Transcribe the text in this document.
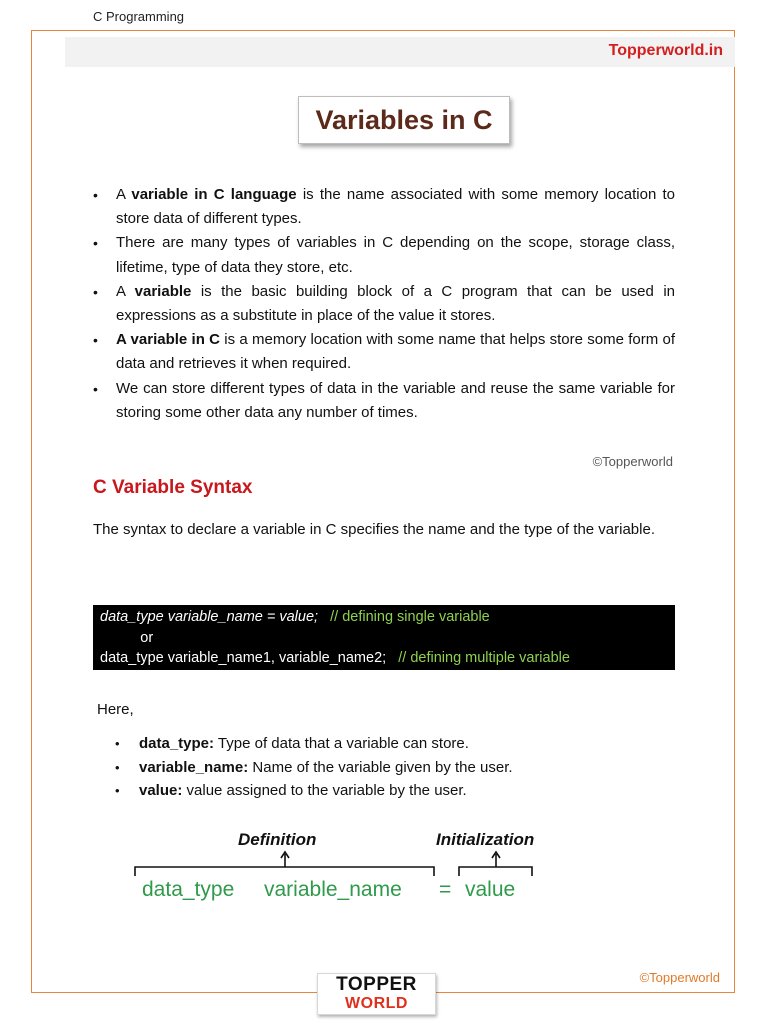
C Programming
Topperworld.in
Variables in C
• A variable in C language is the name associated with some memory location to store data of different types.
• There are many types of variables in C depending on the scope, storage class, lifetime, type of data they store, etc.
• A variable is the basic building block of a C program that can be used in expressions as a substitute in place of the value it stores.
• A variable in C is a memory location with some name that helps store some form of data and retrieves it when required.
• We can store different types of data in the variable and reuse the same variable for storing some other data any number of times.
©Topperworld
C Variable Syntax
The syntax to declare a variable in C specifies the name and the type of the variable.
data_type variable_name = value;   // defining single variable
or
data_type variable_name1, variable_name2;   // defining multiple variable
Here,
• data_type: Type of data that a variable can store.
• variable_name: Name of the variable given by the user.
• value: value assigned to the variable by the user.
Definition	Initialization
data_type variable_name = value
©Topperworld
TOPPER
WORLD
